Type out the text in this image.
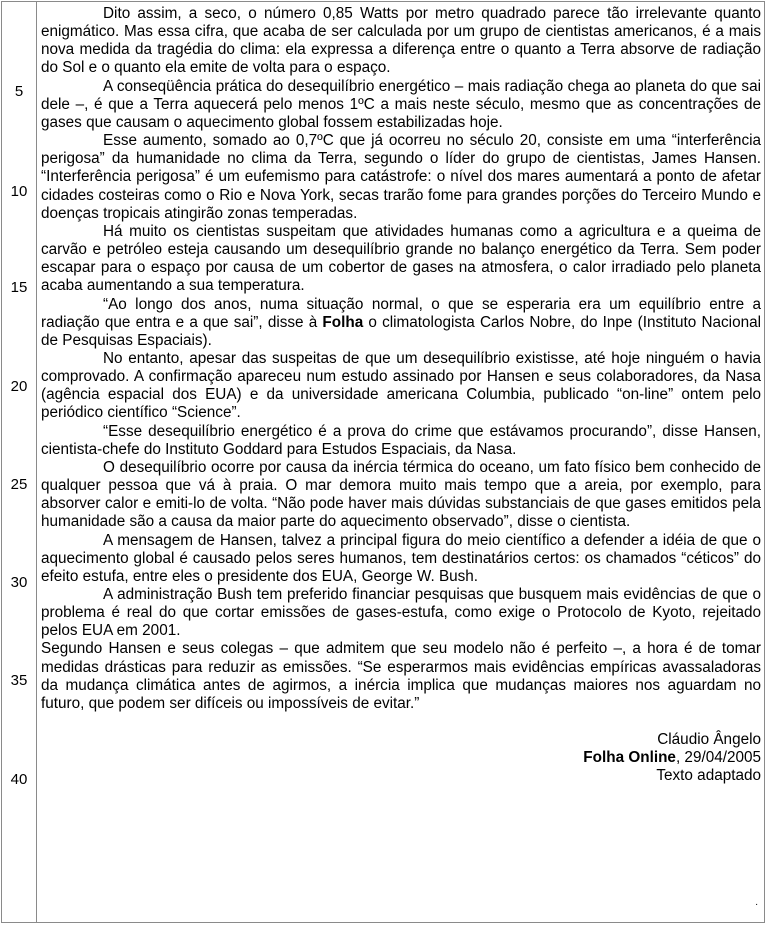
5
10
15
20
25
30
35
40

Dito assim, a seco, o número 0,85 Watts por metro quadrado parece tão irrelevante quanto enigmático. Mas essa cifra, que acaba de ser calculada por um grupo de cientistas americanos, é a mais nova medida da tragédia do clima: ela expressa a diferença entre o quanto a Terra absorve de radiação do Sol e o quanto ela emite de volta para o espaço.

A conseqüência prática do desequilíbrio energético – mais radiação chega ao planeta do que sai dele –, é que a Terra aquecerá pelo menos 1ºC a mais neste século, mesmo que as concentrações de gases que causam o aquecimento global fossem estabilizadas hoje.

Esse aumento, somado ao 0,7ºC que já ocorreu no século 20, consiste em uma “interferência perigosa” da humanidade no clima da Terra, segundo o líder do grupo de cientistas, James Hansen. “Interferência perigosa” é um eufemismo para catástrofe: o nível dos mares aumentará a ponto de afetar cidades costeiras como o Rio e Nova York, secas trarão fome para grandes porções do Terceiro Mundo e doenças tropicais atingirão zonas temperadas.

Há muito os cientistas suspeitam que atividades humanas como a agricultura e a queima de carvão e petróleo esteja causando um desequilíbrio grande no balanço energético da Terra. Sem poder escapar para o espaço por causa de um cobertor de gases na atmosfera, o calor irradiado pelo planeta acaba aumentando a sua temperatura.

“Ao longo dos anos, numa situação normal, o que se esperaria era um equilíbrio entre a radiação que entra e a que sai”, disse à Folha o climatologista Carlos Nobre, do Inpe (Instituto Nacional de Pesquisas Espaciais).

No entanto, apesar das suspeitas de que um desequilíbrio existisse, até hoje ninguém o havia comprovado. A confirmação apareceu num estudo assinado por Hansen e seus colaboradores, da Nasa (agência espacial dos EUA) e da universidade americana Columbia, publicado “on-line” ontem pelo periódico científico “Science”.

“Esse desequilíbrio energético é a prova do crime que estávamos procurando”, disse Hansen, cientista-chefe do Instituto Goddard para Estudos Espaciais, da Nasa.

O desequilíbrio ocorre por causa da inércia térmica do oceano, um fato físico bem conhecido de qualquer pessoa que vá à praia. O mar demora muito mais tempo que a areia, por exemplo, para absorver calor e emiti-lo de volta. “Não pode haver mais dúvidas substanciais de que gases emitidos pela humanidade são a causa da maior parte do aquecimento observado”, disse o cientista.

A mensagem de Hansen, talvez a principal figura do meio científico a defender a idéia de que o aquecimento global é causado pelos seres humanos, tem destinatários certos: os chamados “céticos” do efeito estufa, entre eles o presidente dos EUA, George W. Bush.

A administração Bush tem preferido financiar pesquisas que busquem mais evidências de que o problema é real do que cortar emissões de gases-estufa, como exige o Protocolo de Kyoto, rejeitado pelos EUA em 2001.

Segundo Hansen e seus colegas – que admitem que seu modelo não é perfeito –, a hora é de tomar medidas drásticas para reduzir as emissões. “Se esperarmos mais evidências empíricas avassaladoras da mudança climática antes de agirmos, a inércia implica que mudanças maiores nos aguardam no futuro, que podem ser difíceis ou impossíveis de evitar.”

Cláudio Ângelo
Folha Online, 29/04/2005
Texto adaptado
.
